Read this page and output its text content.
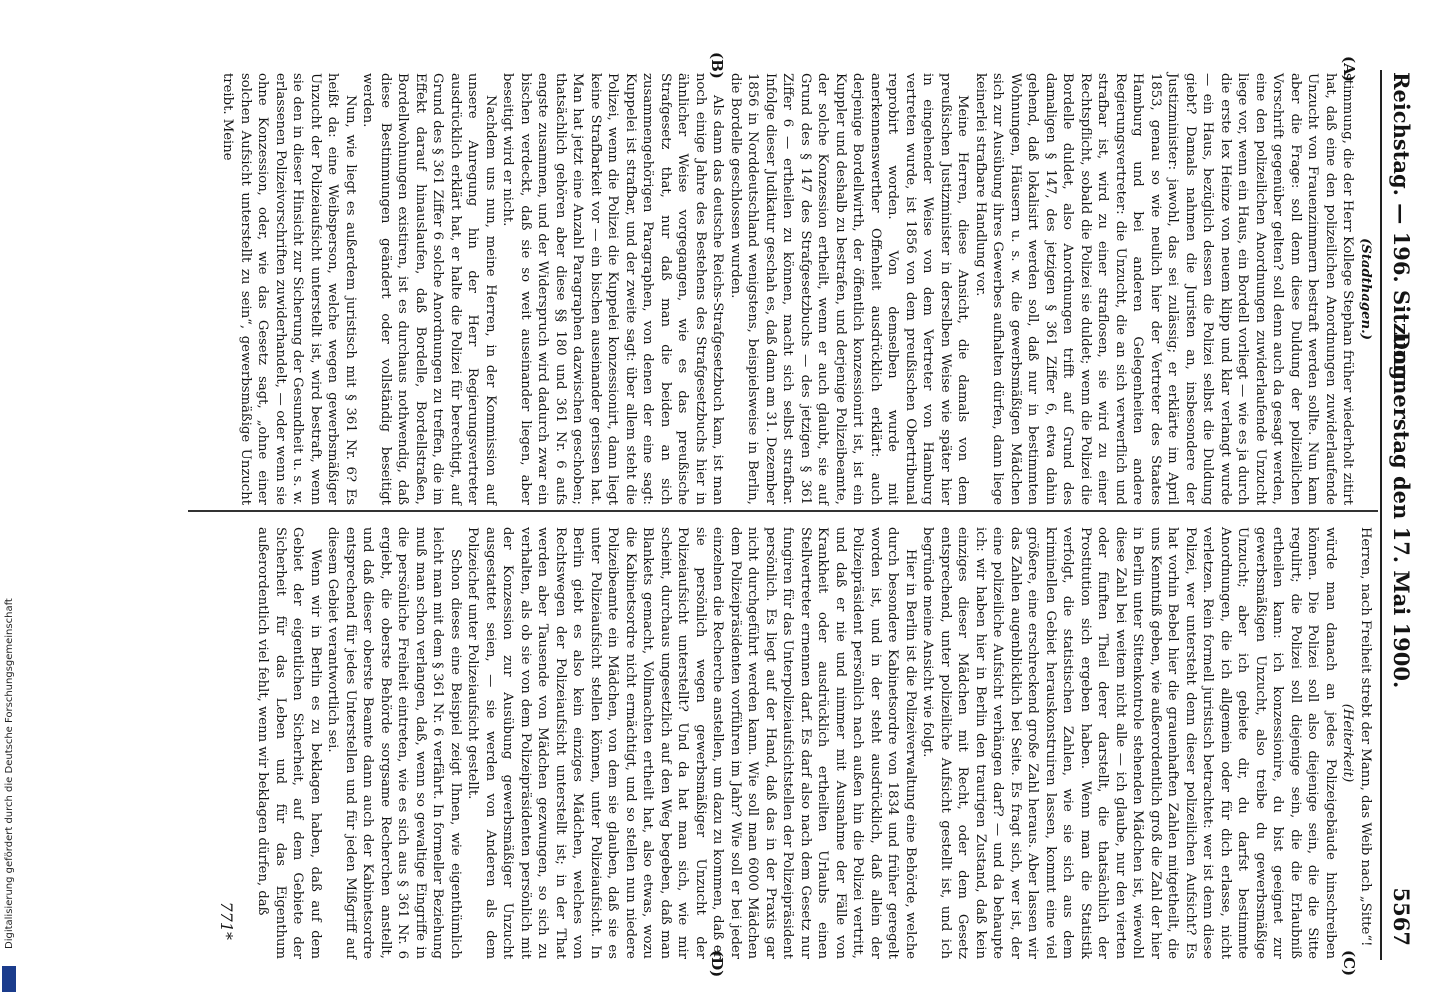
Digitalisierung gefördert durch die Deutsche Forschungsgemeinschaft
Reichstag. — 196. Sitzung.
Donnerstag den 17. Mai 1900.
5567
(A)
(B)
(C)
(D)

(Stadthagen.)

stimmung, die der Herr Kollege Stephan früher wiederholt zitirt hat, daß eine den polizeilichen Anordnungen zuwiderlaufende Unzucht von Frauenzimmern bestraft werden sollte. Nun kam aber die Frage: soll denn diese Duldung der polizeilichen Vorschrift gegenüber gelten? soll denn auch da gesagt werden, eine den polizeilichen Anordnungen zuwiderlaufende Unzucht liege vor, wenn ein Haus, ein Bordell vorliegt — wie es ja durch die erste lex Heinze von neuem klipp und klar verlangt wurde — ein Haus, bezüglich dessen die Polizei selbst die Duldung giebt? Damals nahmen die Juristen an, insbesondere der Justizminister: jawohl, das sei zulässig; er erklärte im April 1853, genau so wie neulich hier der Vertreter des Staates Hamburg und bei anderen Gelegenheiten andere Regierungsvertreter: die Unzucht, die an sich verwerflich und strafbar ist, wird zu einer straflosen, sie wird zu einer Rechtspflicht, sobald die Polizei sie duldet; wenn die Polizei die Bordelle duldet, also Anordnungen trifft auf Grund des damaligen § 147, des jetzigen § 361 Ziffer 6, etwa dahin gehend, daß lokalisirt werden soll, daß nur in bestimmten Wohnungen, Häusern u. s. w. die gewerbsmäßigen Mädchen sich zur Ausübung ihres Gewerbes aufhalten dürfen, dann liege keinerlei strafbare Handlung vor.

Meine Herren, diese Ansicht, die damals von dem preußischen Justizminister in derselben Weise wie später hier in eingehender Weise von dem Vertreter von Hamburg vertreten wurde, ist 1856 von dem preußischen Obertribunal reprobirt worden. Von demselben wurde mit anerkennenswerther Offenheit ausdrücklich erklärt: auch derjenige Bordellwirth, der öffentlich konzessionirt ist, ist ein Kuppler und deshalb zu bestrafen, und derjenige Polizeibeamte, der solche Konzession ertheilt, wenn er auch glaubt, sie auf Grund des § 147 des Strafgesetzbuchs — des jetzigen § 361 Ziffer 6 — ertheilen zu können, macht sich selbst strafbar. Infolge dieser Judikatur geschah es, daß dann am 31. Dezember 1856 in Norddeutschland wenigstens, beispielsweise in Berlin, die Bordelle geschlossen wurden.

Als dann das deutsche Reichs-Strafgesetzbuch kam, ist man noch einige Jahre des Bestehens des Strafgesetzbuchs hier in ähnlicher Weise vorgegangen, wie es das preußische Strafgesetz that, nur daß man die beiden an sich zusammengehörigen Paragraphen, von denen der eine sagt: Kuppelei ist strafbar, und der zweite sagt: über allem steht die Polizei, wenn die Polizei die Kuppelei konzessionirt, dann liegt keine Strafbarkeit vor — ein bischen auseinander gerissen hat. Man hat jetzt eine Anzahl Paragraphen dazwischen geschoben; thatsächlich gehören aber diese §§ 180 und 361 Nr. 6 aufs engste zusammen, und der Widerspruch wird dadurch zwar ein bischen verdeckt, daß sie so weit auseinander liegen, aber beseitigt wird er nicht.

Nachdem uns nun, meine Herren, in der Kommission auf unsere Anregung hin der Herr Regierungsvertreter ausdrücklich erklärt hat, er halte die Polizei für berechtigt, auf Grund des § 361 Ziffer 6 solche Anordnungen zu treffen, die im Effekt darauf hinauslaufen, daß Bordelle, Bordellstraßen, Bordellwohnungen existiren, ist es durchaus nothwendig, daß diese Bestimmungen geändert oder vollständig beseitigt werden.

Nun, wie liegt es außerdem juristisch mit § 361 Nr. 6? Es heißt da: eine Weibsperson, welche wegen gewerbsmäßiger Unzucht der Polizeiaufsicht unterstellt ist, wird bestraft, wenn sie den in dieser Hinsicht zur Sicherung der Gesundheit u. s. w. erlassenen Polizeivorschriften zuwiderhandelt, — oder wenn sie ohne Konzession, oder, wie das Gesetz sagt, „ohne einer solchen Aufsicht unterstellt zu sein“, gewerbsmäßige Unzucht treibt. Meine

Herren, nach Freiheit strebt der Mann, das Weib nach „Sitte“!

(Heiterkeit)

würde man danach an jedes Polizeigebäude hinschreiben können. Die Polizei soll also diejenige sein, die die Sitte regulirt; die Polizei soll diejenige sein, die die Erlaubniß ertheilen kann: ich konzessionire, du bist geeignet zur gewerbsmäßigen Unzucht, also treibe du gewerbsmäßige Unzucht; aber ich gebiete dir, du darfst bestimmte Anordnungen, die ich allgemein oder für dich erlasse, nicht verletzen. Rein formell juristisch betrachtet: wer ist denn diese Polizei, wer untersteht denn dieser polizeilichen Aufsicht? Es hat vorhin Bebel hier die grauenhaften Zahlen mitgetheilt, die uns Kenntniß geben, wie außerordentlich groß die Zahl der hier in Berlin unter Sittenkontrole stehenden Mädchen ist, wiewohl diese Zahl bei weitem nicht alle — ich glaube, nur den vierten oder fünften Theil derer darstellt, die thatsächlich der Prostitution sich ergeben haben. Wenn man die Statistik verfolgt, die statistischen Zahlen, wie sie sich aus dem kriminellen Gebiet herauskonstruiren lassen, kommt eine viel größere, eine erschreckend große Zahl heraus. Aber lassen wir das Zahlen augenblicklich bei Seite. Es fragt sich, wer ist, der eine polizeiliche Aufsicht verhängen darf? — und da behaupte ich: wir haben hier in Berlin den traurigen Zustand, daß kein einziges dieser Mädchen mit Recht, oder dem Gesetz entsprechend, unter polizeiliche Aufsicht gestellt ist, und ich begründe meine Ansicht wie folgt.

Hier in Berlin ist die Polizeiverwaltung eine Behörde, welche durch besondere Kabinetsordre von 1834 und früher geregelt worden ist, und in der steht ausdrücklich, daß allein der Polizeipräsident persönlich nach außen hin die Polizei vertritt, und daß er nie und nimmer mit Ausnahme der Fälle von Krankheit oder ausdrücklich ertheilten Urlaubs einen Stellvertreter ernennen darf. Es darf also nach dem Gesetz nur fungiren für das Unterpolizeiaufsichtstellen der Polizeipräsident persönlich. Es liegt auf der Hand, daß das in der Praxis gar nicht durchgeführt werden kann. Wie soll man 6000 Mädchen dem Polizeipräsidenten vorführen im Jahr? Wie soll er bei jeder einzelnen die Recherche anstellen, um dazu zu kommen, daß er sie persönlich wegen gewerbsmäßiger Unzucht der Polizeiaufsicht unterstellt? Und da hat man sich, wie mir scheint, durchaus ungesetzlich auf den Weg begeben, daß man Blankets gemacht, Vollmachten ertheilt hat, also etwas, wozu die Kabinetsordre nicht ermächtigt, und so stellen nun niedere Polizeibeamte ein Mädchen, von dem sie glauben, daß sie es unter Polizeiaufsicht stellen können, unter Polizeiaufsicht. In Berlin giebt es also kein einziges Mädchen, welches von Rechtswegen der Polizeiaufsicht unterstellt ist; in der That werden aber Tausende von Mädchen gezwungen, so sich zu verhalten, als ob sie von dem Polizeipräsidenten persönlich mit der Konzession zur Ausübung gewerbsmäßiger Unzucht ausgestattet seien, — sie werden von Anderen als dem Polizeichef unter Polizeiaufsicht gestellt.

Schon dieses eine Beispiel zeigt Ihnen, wie eigenthümlich leicht man mit dem § 361 Nr. 6 verfährt. In formeller Beziehung muß man schon verlangen, daß, wenn so gewaltige Eingriffe in die persönliche Freiheit eintreten, wie es sich aus § 361 Nr. 6 ergiebt, die oberste Behörde sorgsame Recherchen anstellt, und daß dieser oberste Beamte dann auch der Kabinetsordre entsprechend für jedes Unterstellen und für jeden Mißgriff auf diesem Gebiet verantwortlich sei.

Wenn wir in Berlin es zu beklagen haben, daß auf dem Gebiet der eigentlichen Sicherheit, auf dem Gebiete der Sicherheit für das Leben und für das Eigenthum außerordentlich viel fehlt, wenn wir beklagen dürfen, daß

771*
